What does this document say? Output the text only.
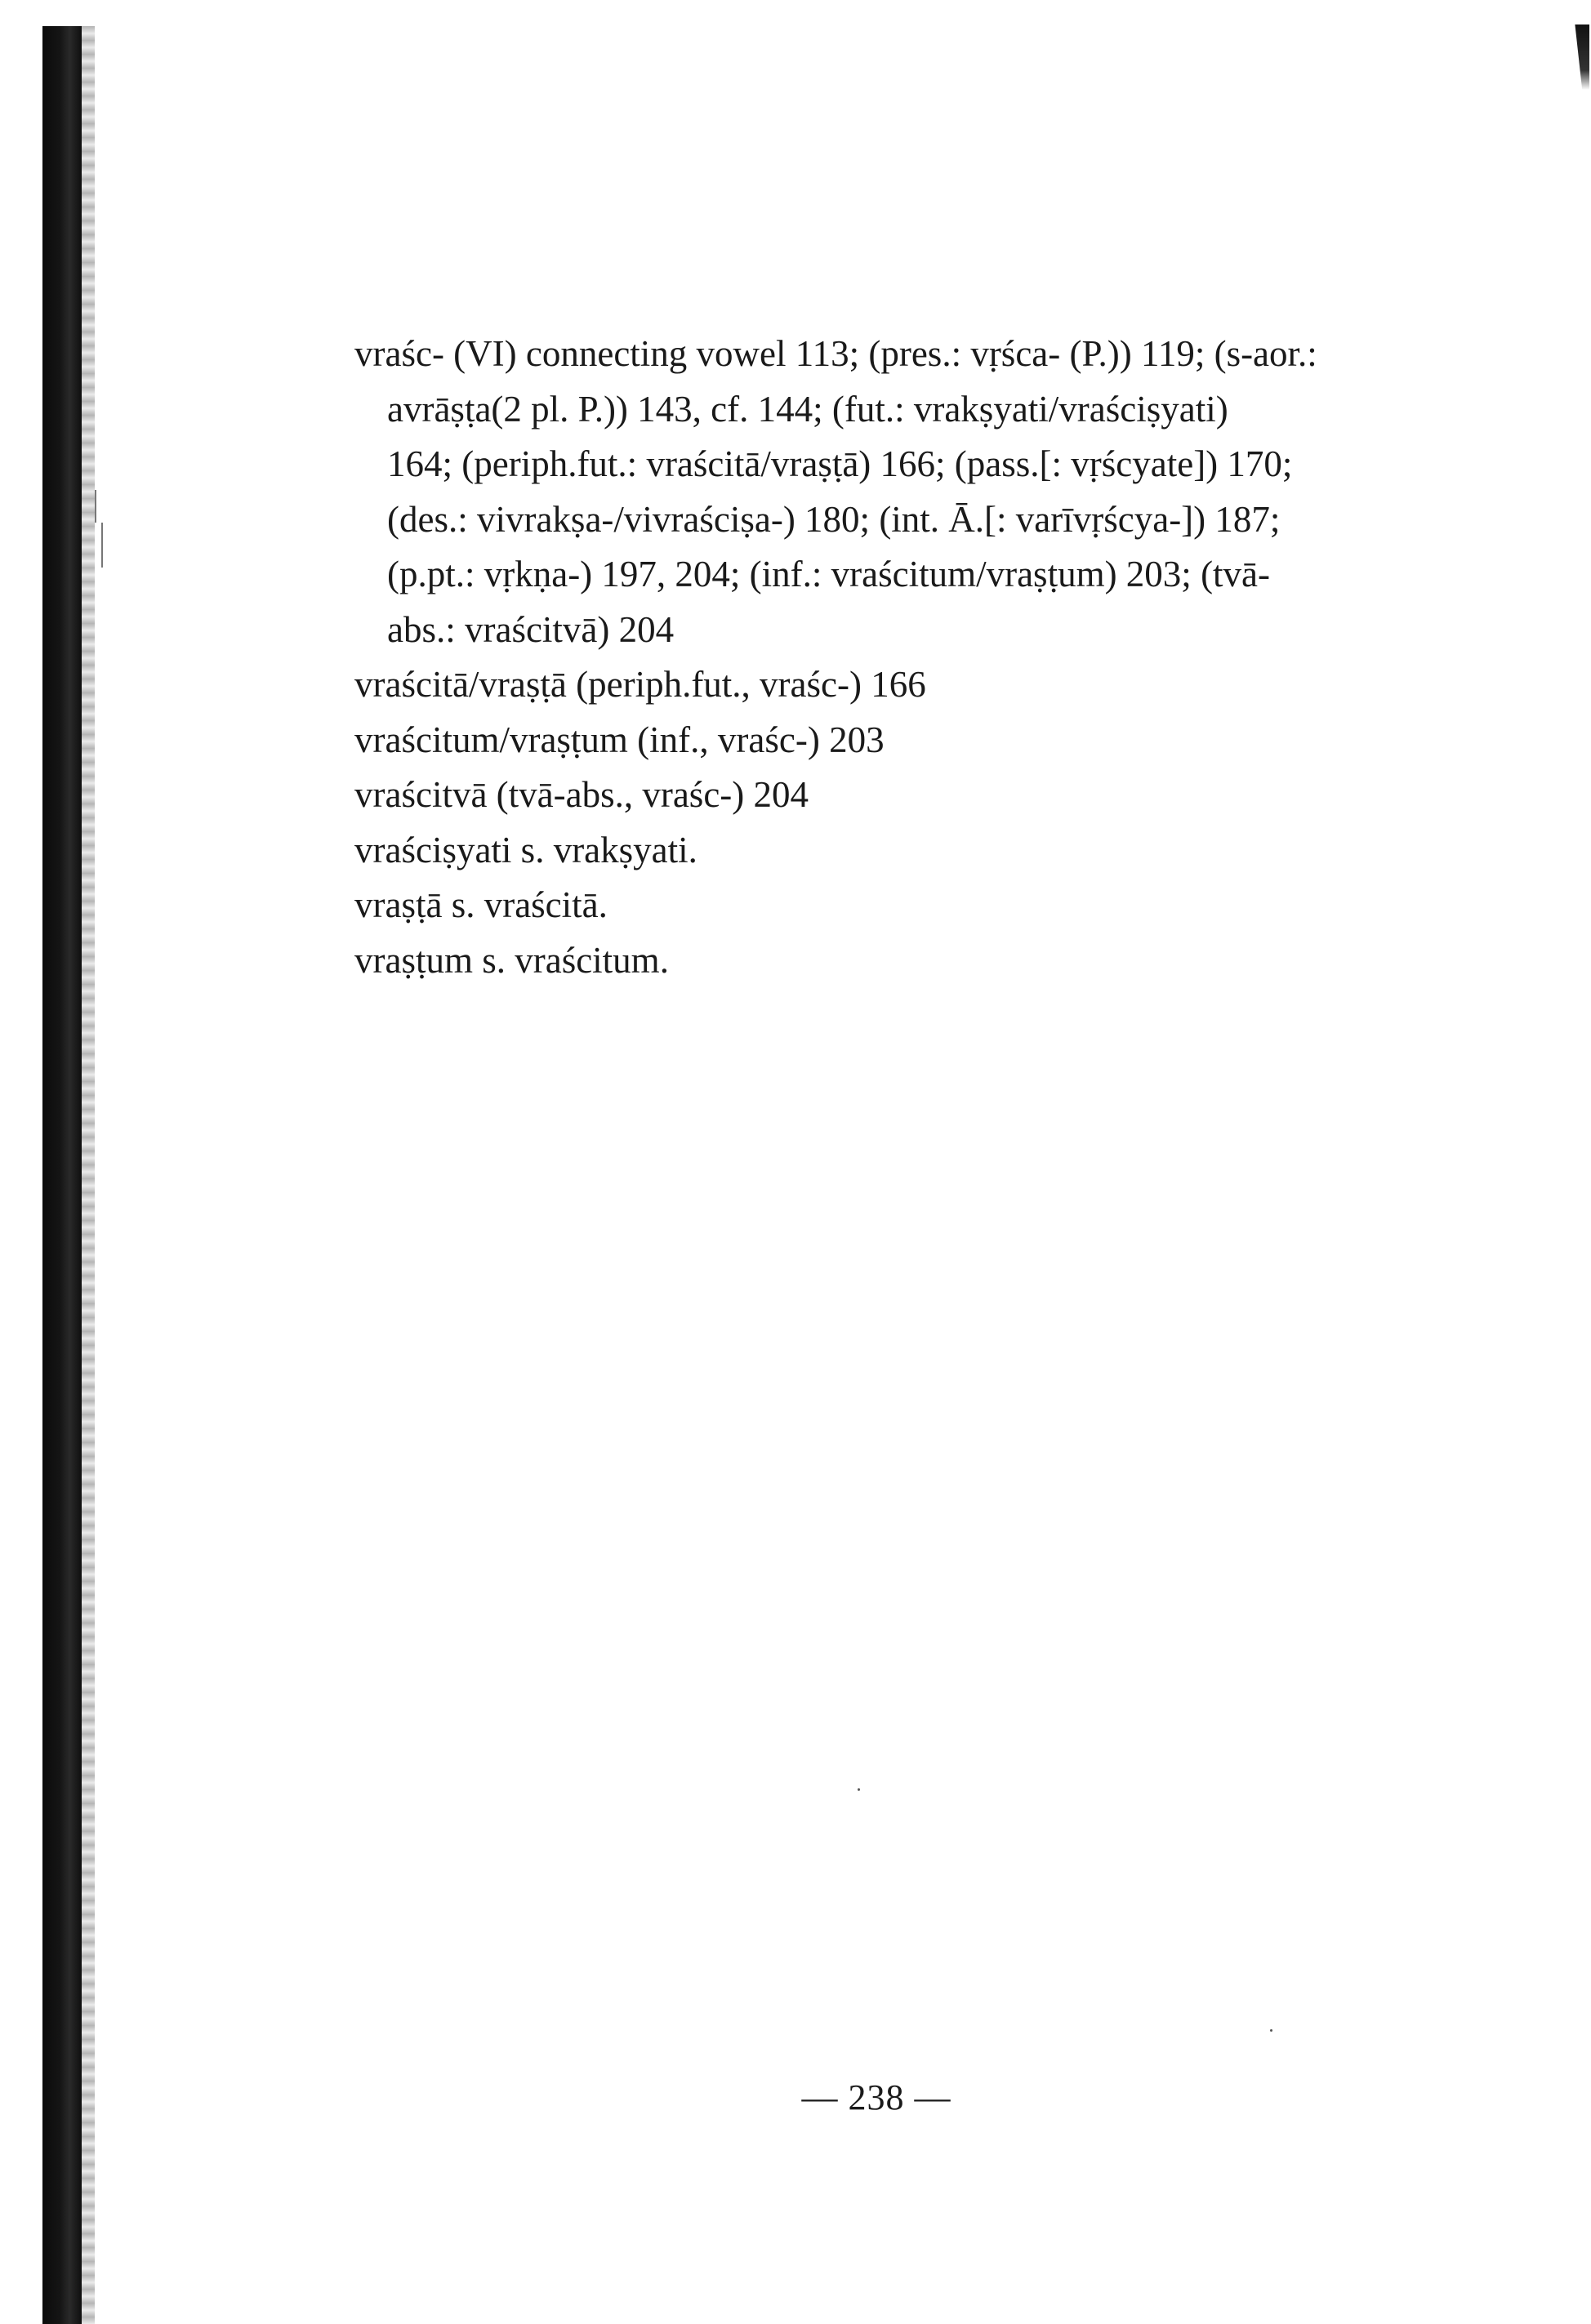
vraśc- (VI) connecting vowel 113; (pres.: vṛśca- (P.)) 119; (s-aor.:
avrāṣṭa(2 pl. P.)) 143, cf. 144; (fut.: vrakṣyati/vraściṣyati)
164; (periph.fut.: vraścitā/vraṣṭā) 166; (pass.[: vṛścyate]) 170;
(des.: vivrakṣa-/vivraściṣa-) 180; (int. Ā.[: varīvṛścya-]) 187;
(p.pt.: vṛkṇa-) 197, 204; (inf.: vraścitum/vraṣṭum) 203; (tvā-
abs.: vraścitvā) 204
vraścitā/vraṣṭā (periph.fut., vraśc-) 166
vraścitum/vraṣṭum (inf., vraśc-) 203
vraścitvā (tvā-abs., vraśc-) 204
vraściṣyati s. vrakṣyati.
vraṣṭā s. vraścitā.
vraṣṭum s. vraścitum.
— 238 —
